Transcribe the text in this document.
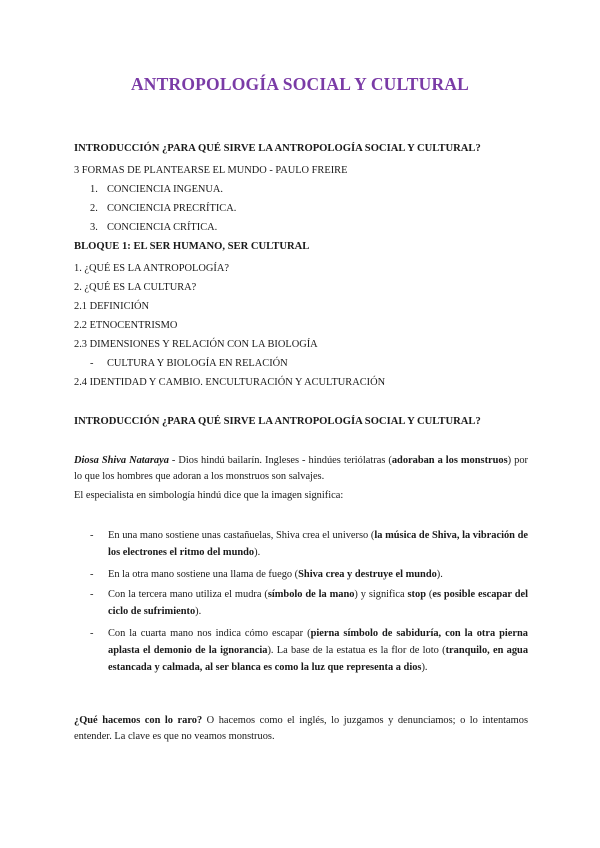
ANTROPOLOGÍA SOCIAL Y CULTURAL
INTRODUCCIÓN ¿PARA QUÉ SIRVE LA ANTROPOLOGÍA SOCIAL Y CULTURAL?
3 FORMAS DE PLANTEARSE EL MUNDO - PAULO FREIRE
1. CONCIENCIA INGENUA.
2. CONCIENCIA PRECRÍTICA.
3. CONCIENCIA CRÍTICA.
BLOQUE 1: EL SER HUMANO, SER CULTURAL
1. ¿QUÉ ES LA ANTROPOLOGÍA?
2. ¿QUÉ ES LA CULTURA?
2.1 DEFINICIÓN
2.2 ETNOCENTRISMO
2.3 DIMENSIONES Y RELACIÓN CON LA BIOLOGÍA
- CULTURA Y BIOLOGÍA EN RELACIÓN
2.4 IDENTIDAD Y CAMBIO. ENCULTURACIÓN Y ACULTURACIÓN
INTRODUCCIÓN ¿PARA QUÉ SIRVE LA ANTROPOLOGÍA SOCIAL Y CULTURAL?
Diosa Shiva Nataraya - Dios hindú bailarín. Ingleses - hindúes teriólatras (adoraban a los monstruos) por lo que los hombres que adoran a los monstruos son salvajes.
El especialista en simbología hindú dice que la imagen significa:
- En una mano sostiene unas castañuelas, Shiva crea el universo (la música de Shiva, la vibración de los electrones el ritmo del mundo).
- En la otra mano sostiene una llama de fuego (Shiva crea y destruye el mundo).
- Con la tercera mano utiliza el mudra (símbolo de la mano) y significa stop (es posible escapar del ciclo de sufrimiento).
- Con la cuarta mano nos indica cómo escapar (pierna símbolo de sabiduría, con la otra pierna aplasta el demonio de la ignorancia). La base de la estatua es la flor de loto (tranquilo, en agua estancada y calmada, al ser blanca es como la luz que representa a dios).
¿Qué hacemos con lo raro? O hacemos como el inglés, lo juzgamos y denunciamos; o lo intentamos entender. La clave es que no veamos monstruos.
